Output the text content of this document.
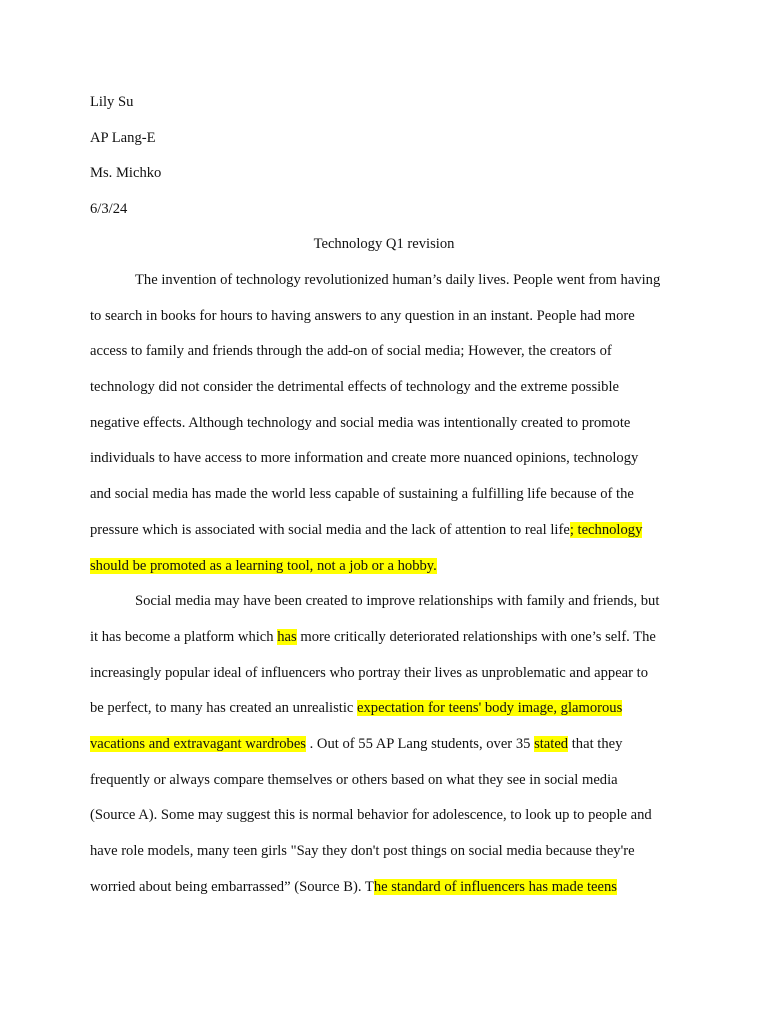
Lily Su
AP Lang-E
Ms. Michko
6/3/24
Technology Q1 revision
The invention of technology revolutionized human’s daily lives. People went from having
to search in books for hours to having answers to any question in an instant. People had more
access to family and friends through the add-on of social media; However, the creators of
technology did not consider the detrimental effects of technology and the extreme possible
negative effects. Although technology and social media was intentionally created to promote
individuals to have access to more information and create more nuanced opinions, technology
and social media has made the world less capable of sustaining a fulfilling life because of the
pressure which is associated with social media and the lack of attention to real life; technology
should be promoted as a learning tool, not a job or a hobby.
Social media may have been created to improve relationships with family and friends, but
it has become a platform which has more critically deteriorated relationships with one’s self. The
increasingly popular ideal of influencers who portray their lives as unproblematic and appear to
be perfect, to many has created an unrealistic expectation for teens' body image, glamorous
vacations and extravagant wardrobes . Out of 55 AP Lang students, over 35 stated that they
frequently or always compare themselves or others based on what they see in social media
(Source A). Some may suggest this is normal behavior for adolescence, to look up to people and
have role models, many teen girls "Say they don't post things on social media because they're
worried about being embarrassed” (Source B). The standard of influencers has made teens
